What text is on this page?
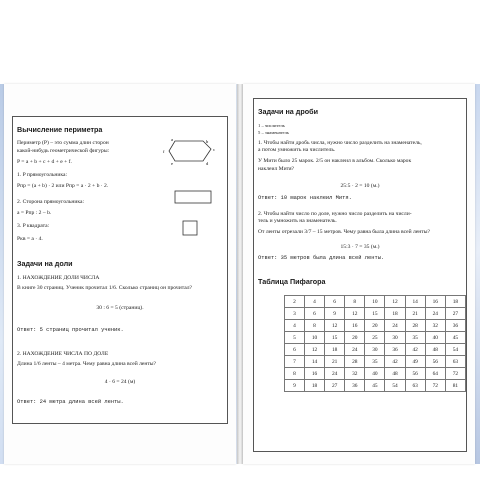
Вычисление периметра
Периметр (P) – это сумма длин сторон
какой-нибудь геометрической фигуры:
P = a + b + c + d + e + f.
1. P прямоугольника:
Pпр = (a + b) · 2 или Pпр = a · 2 + b · 2.
2. Сторона прямоугольника:
a = Pпр : 2 – b.
3. P квадрата:
Pкв = a · 4.
a	b
c
d
e
f
Задачи на доли
1. НАХОЖДЕНИЕ ДОЛИ ЧИСЛА
В книге 30 страниц. Ученик прочитал 1/6. Сколько страниц он прочитал?
30 : 6 = 5 (страниц).
Ответ: 5 страниц прочитал ученик.
2. НАХОЖДЕНИЕ ЧИСЛА ПО ДОЛЕ
Длина 1/6 ленты – 4 метра. Чему равна длина всей ленты?
4 · 6 = 24 (м)
Ответ: 24 метра длина всей ленты.
Задачи на дроби
1 – числитель
5 – знаменатель
1. Чтобы найти дробь числа, нужно число разделить на знаменатель,
а потом умножить на числитель.
У Мити было 25 марок. 2/5 он наклеил в альбом. Сколько марок
наклеил Митя?
25:5 · 2 = 10 (м.)
Ответ: 10 марок наклеил Митя.
2. Чтобы найти число по доле, нужно число разделить на числи-
тель и умножить на знаменатель.
От ленты отрезали 3/7 – 15 метров. Чему равна была длина всей ленты?
15:3 · 7 = 35 (м.)
Ответ: 35 метров была длина всей ленты.
Таблица Пифагора
2	4	6	8	10	12	14	16	18
3	6	9	12	15	18	21	24	27
4	8	12	16	20	24	28	32	36
5	10	15	20	25	30	35	40	45
6	12	18	24	30	36	42	48	54
7	14	21	28	35	42	49	56	63
8	16	24	32	40	48	56	64	72
9	18	27	36	45	54	63	72	81
